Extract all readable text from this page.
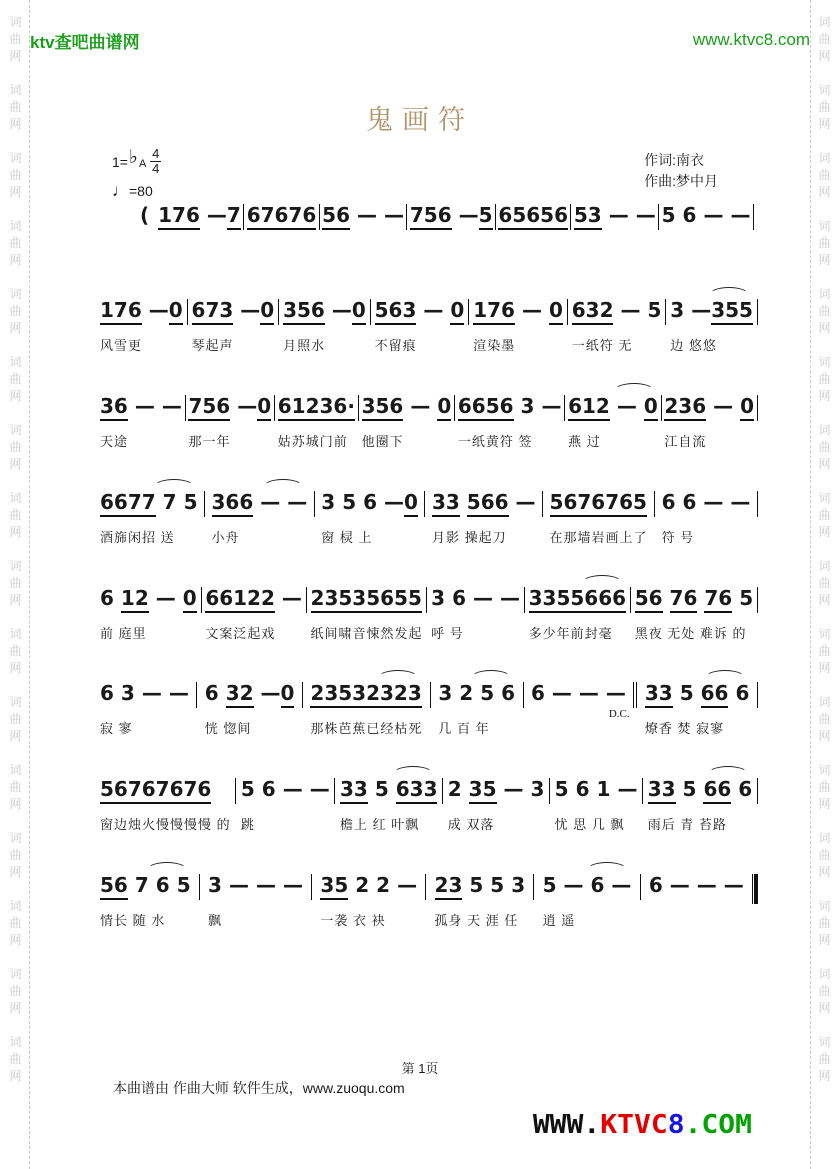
词
曲
网
词
曲
网
词
曲
网
词
曲
网
词
曲
网
词
曲
网
词
曲
网
词
曲
网
词
曲
网
词
曲
网
词
曲
网
词
曲
网
词
曲
网
词
曲
网
词
曲
网
词
曲
网
词
曲
网
词
曲
网
词
曲
网
词
曲
网
词
曲
网
词
曲
网
词
曲
网
词
曲
网
词
曲
网
词
曲
网
词
曲
网
词
曲
网
词
曲
网
词
曲
网
词
曲
网
词
曲
网
ktv查吧曲谱网	www.ktvc8.com
鬼画符
1= ♭ A
4
4
♩=80
作词:南衣
作曲:梦中月
( 176 —7 67676 56 — — 756 —5 65656 53 — — 5 6 — —
176 —0
风雪更
673 —0
琴起声
356 —0
月照水
563 — 0
不留痕
176 — 0
渲染墨
632 — 5
一纸符 无
3 —355
边 悠悠
36 — —
天途
756 —0
那一年
61236·
姑苏城门前
356 — 0
他圈下
6656 3 —
一纸黄符 签
612 — 0
燕 过
236 — 0
江自流
6677 7 5
酒旆闲招 送
366 — —
小舟
3 5 6 —0
窗 棂 上
33 566 —
月影 操起刀
5676765
在那墙岩画上了
6 6 — —
符 号
6 12 — 0
前 庭里
66122 —
文案泛起戏
23535655
纸间啸音悚然发起
3 6 — —
呼 号
3355666
多少年前封毫
56 76 76 5
黑夜 无处 难诉 的
6 3 — —
寂 寥
6 32 —0
恍 惚间
23532323
那株芭蕉已经枯死
3 2 5 6
几 百 年
6 — — — 33 5 66 6
燎香 焚 寂寥
D.C.
56767676
窗边烛火慢慢慢慢 的
5 6 — —
跳
33 5 633
檐上 红 叶飘
2 35 — 3
成 双落
5 6 1 —
忧 思 几 飘
33 5 66 6
雨后 青 苔路
56 7 6 5
情长 随 水
3 — — —
飘
35 2 2 —
一袭 衣 袂
23 5 5 3
孤身 天 涯 任
5 — 6 —
逍 遥
6 — — —
第 1页
本曲谱由 作曲大师 软件生成，www.zuoqu.com
WWW.KTVC8.COM
